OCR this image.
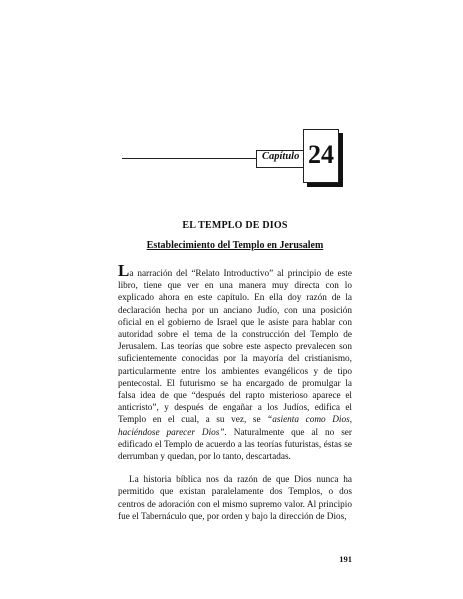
Capítulo 24
EL TEMPLO DE DIOS
Establecimiento del Templo en Jerusalem

La narración del “Relato Introductivo” al principio de este libro, tiene que ver en una manera muy directa con lo explicado ahora en este capítulo. En ella doy razón de la declaración hecha por un anciano Judío, con una posición oficial en el gobierno de Israel que le asiste para hablar con autoridad sobre el tema de la construcción del Templo de Jerusalem. Las teorías que sobre este aspecto prevalecen son suficientemente conocidas por la mayoría del cristianismo, particularmente entre los ambientes evangélicos y de tipo pentecostal. El futurismo se ha encargado de promulgar la falsa idea de que “después del rapto misterioso aparece el anticristo”, y después de engañar a los Judíos, edifica el Templo en el cual, a su vez, se “asienta como Dios, haciéndose parecer Dios”. Naturalmente que al no ser edificado el Templo de acuerdo a las teorías futuristas, éstas se derrumban y quedan, por lo tanto, descartadas.

La historia bíblica nos da razón de que Dios nunca ha permitido que existan paralelamente dos Templos, o dos centros de adoración con el mismo supremo valor. Al principio fue el Tabernáculo que, por orden y bajo la dirección de Dios,

191
